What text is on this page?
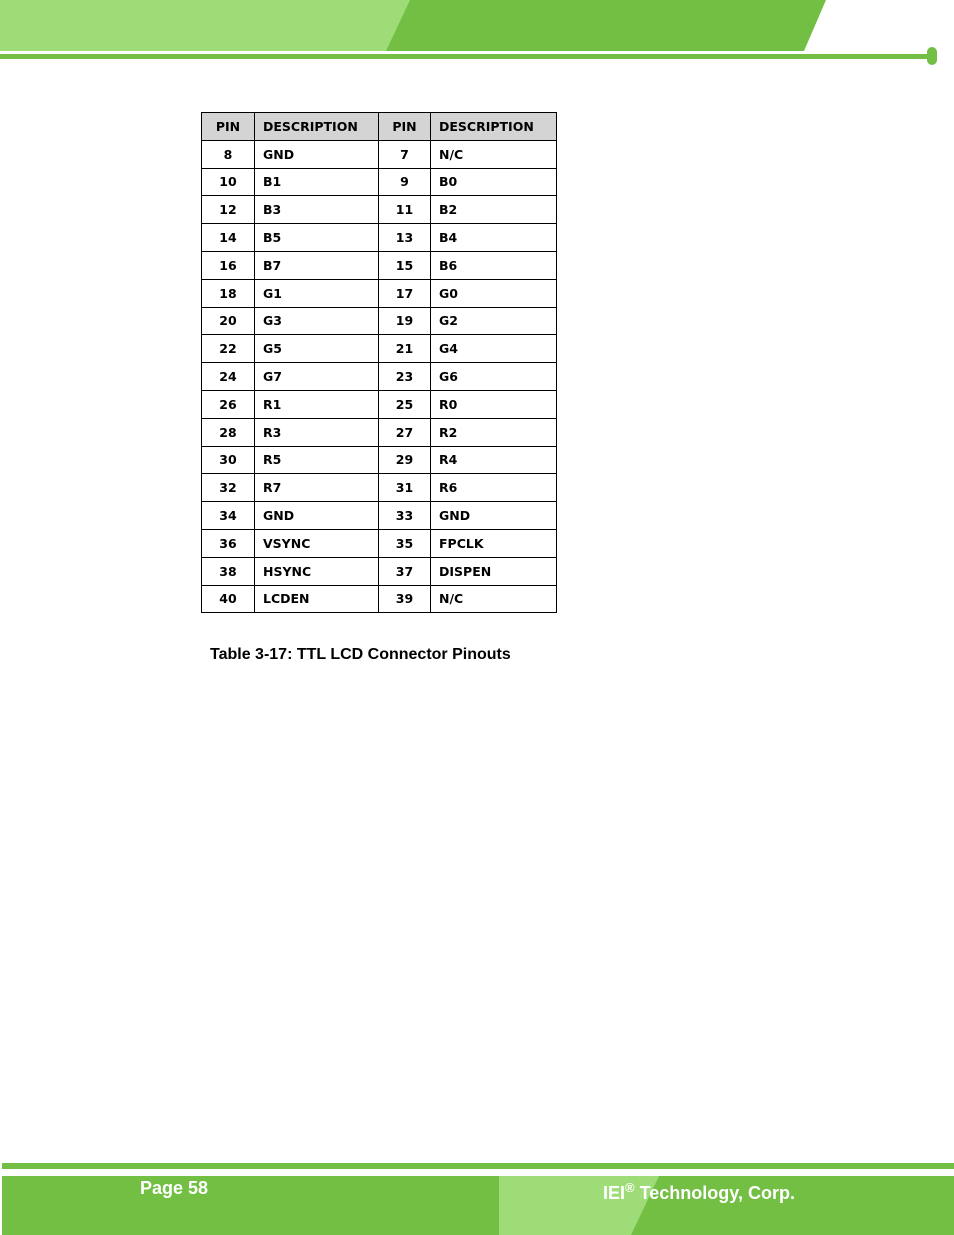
PIN	DESCRIPTION	PIN	DESCRIPTION
8	GND	7	N/C
10	B1	9	B0
12	B3	11	B2
14	B5	13	B4
16	B7	15	B6
18	G1	17	G0
20	G3	19	G2
22	G5	21	G4
24	G7	23	G6
26	R1	25	R0
28	R3	27	R2
30	R5	29	R4
32	R7	31	R6
34	GND	33	GND
36	VSYNC	35	FPCLK
38	HSYNC	37	DISPEN
40	LCDEN	39	N/C
Table 3-17: TTL LCD Connector Pinouts
Page 58	IEI® Technology, Corp.
